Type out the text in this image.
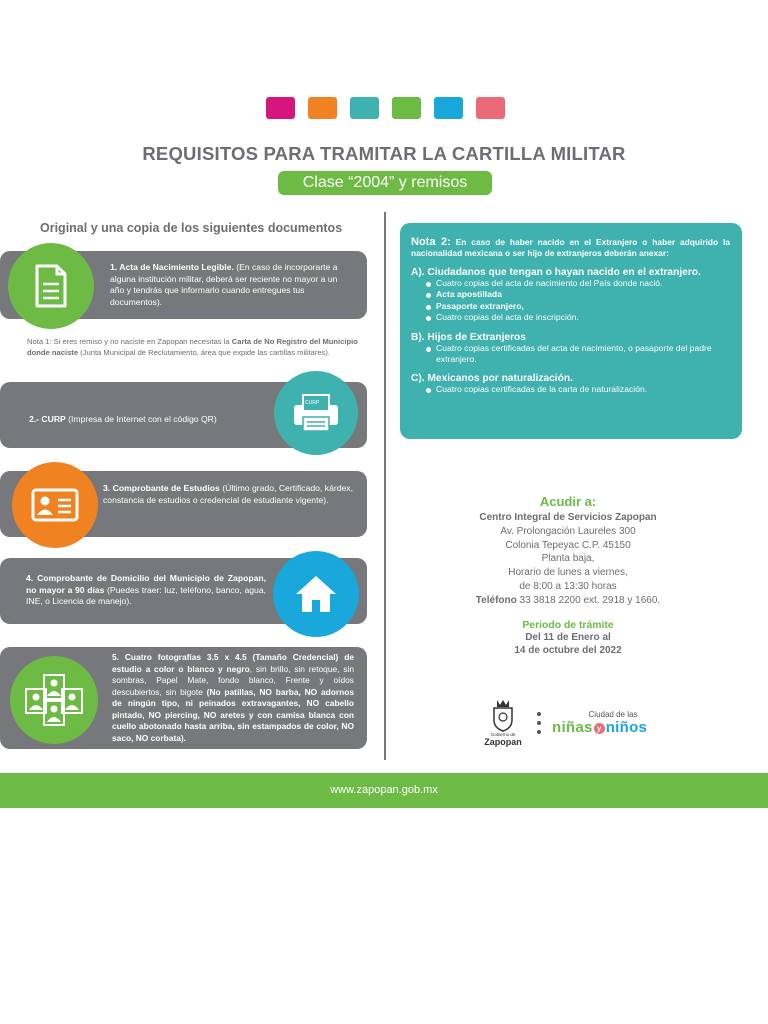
REQUISITOS PARA TRAMITAR LA CARTILLA MILITAR
Clase “2004” y remisos
Original y una copia de los siguientes documentos
1. Acta de Nacimiento Legible. (En caso de incorporarte a alguna institución militar, deberá ser reciente no mayor a un año y tendrás que informarlo cuando entregues tus documentos).
Nota 1: Si eres remiso y no naciste en Zapopan necesitas la Carta de No Registro del Municipio donde naciste (Junta Municipal de Reclutamiento, área que expide las cartillas militares).
2.- CURP (Impresa de Internet con el código QR)
CURP
3. Comprobante de Estudios (Último grado, Certificado, kárdex, constancia de estudios o credencial de estudiante vigente).
4. Comprobante de Domicilio del Municipio de Zapopan, no mayor a 90 días (Puedes traer: luz, teléfono, banco, agua, INE, o Licencia de manejo).
5. Cuatro fotografías 3.5 x 4.5 (Tamaño Credencial) de estudio a color o blanco y negro, sin brillo, sin retoque, sin sombras, Papel Mate, fondo blanco, Frente y oídos descubiertos, sin bigote (No patillas, NO barba, NO adornos de ningún tipo, ni peinados extravagantes, NO cabello pintado, NO piercing, NO aretes y con camisa blanca con cuello abotonado hasta arriba, sin estampados de color, NO saco, NO corbata).
Nota 2: En caso de haber nacido en el Extranjero o haber adquirido la nacionalidad mexicana o ser hijo de extranjeros deberán anexar:
A). Ciudadanos que tengan o hayan nacido en el extranjero.
Cuatro copias del acta de nacimiento del País donde nació.
Acta apostillada
Pasaporte extranjero,
Cuatro copias del acta de inscripción.
B). Hijos de Extranjeros
Cuatro copias certificadas del acta de nacimiento, o pasaporte del padre extranjero.
C). Mexicanos por naturalización.
Cuatro copias certificadas de la carta de naturalización.
Acudir a:
Centro Integral de Servicios Zapopan
Av. Prolongación Laureles 300
Colonia Tepeyac C.P. 45150
Planta baja,
Horario de lunes a viernes,
de 8:00 a 13:30 horas
Teléfono 33 3818 2200 ext. 2918 y 1660.
Periodo de trámite
Del 11 de Enero al
14 de octubre del 2022
Gobierno de
Zapopan
Ciudad de las
niñas y niños
www.zapopan.gob.mx
